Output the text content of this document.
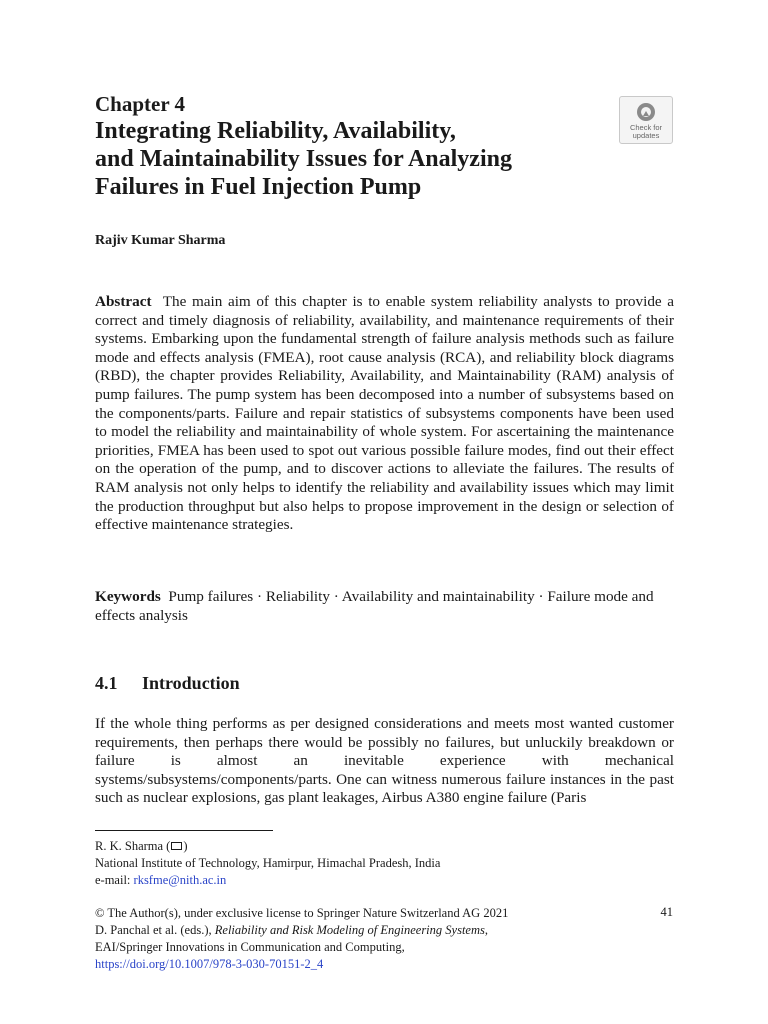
Chapter 4
Integrating Reliability, Availability,
and Maintainability Issues for Analyzing
Failures in Fuel Injection Pump
Check for
updates
Rajiv Kumar Sharma
Abstract The main aim of this chapter is to enable system reliability analysts to provide a correct and timely diagnosis of reliability, availability, and maintenance requirements of their systems. Embarking upon the fundamental strength of failure analysis methods such as failure mode and effects analysis (FMEA), root cause analysis (RCA), and reliability block diagrams (RBD), the chapter provides Reliability, Availability, and Maintainability (RAM) analysis of pump failures. The pump system has been decomposed into a number of subsystems based on the components/parts. Failure and repair statistics of subsystems components have been used to model the reliability and maintainability of whole system. For ascertaining the maintenance priorities, FMEA has been used to spot out various possible failure modes, find out their effect on the operation of the pump, and to discover actions to alleviate the failures. The results of RAM analysis not only helps to identify the reliability and availability issues which may limit the production throughput but also helps to propose improvement in the design or selection of effective maintenance strategies.
Keywords Pump failures · Reliability · Availability and maintainability · Failure mode and effects analysis
4.1 Introduction
If the whole thing performs as per designed considerations and meets most wanted customer requirements, then perhaps there would be possibly no failures, but unluckily breakdown or failure is almost an inevitable experience with mechanical systems/subsystems/components/parts. One can witness numerous failure instances in the past such as nuclear explosions, gas plant leakages, Airbus A380 engine failure (Paris
R. K. Sharma ( )
National Institute of Technology, Hamirpur, Himachal Pradesh, India
e-mail: rksfme@nith.ac.in
© The Author(s), under exclusive license to Springer Nature Switzerland AG 2021
D. Panchal et al. (eds.), Reliability and Risk Modeling of Engineering Systems,
EAI/Springer Innovations in Communication and Computing,
https://doi.org/10.1007/978-3-030-70151-2_4
41
